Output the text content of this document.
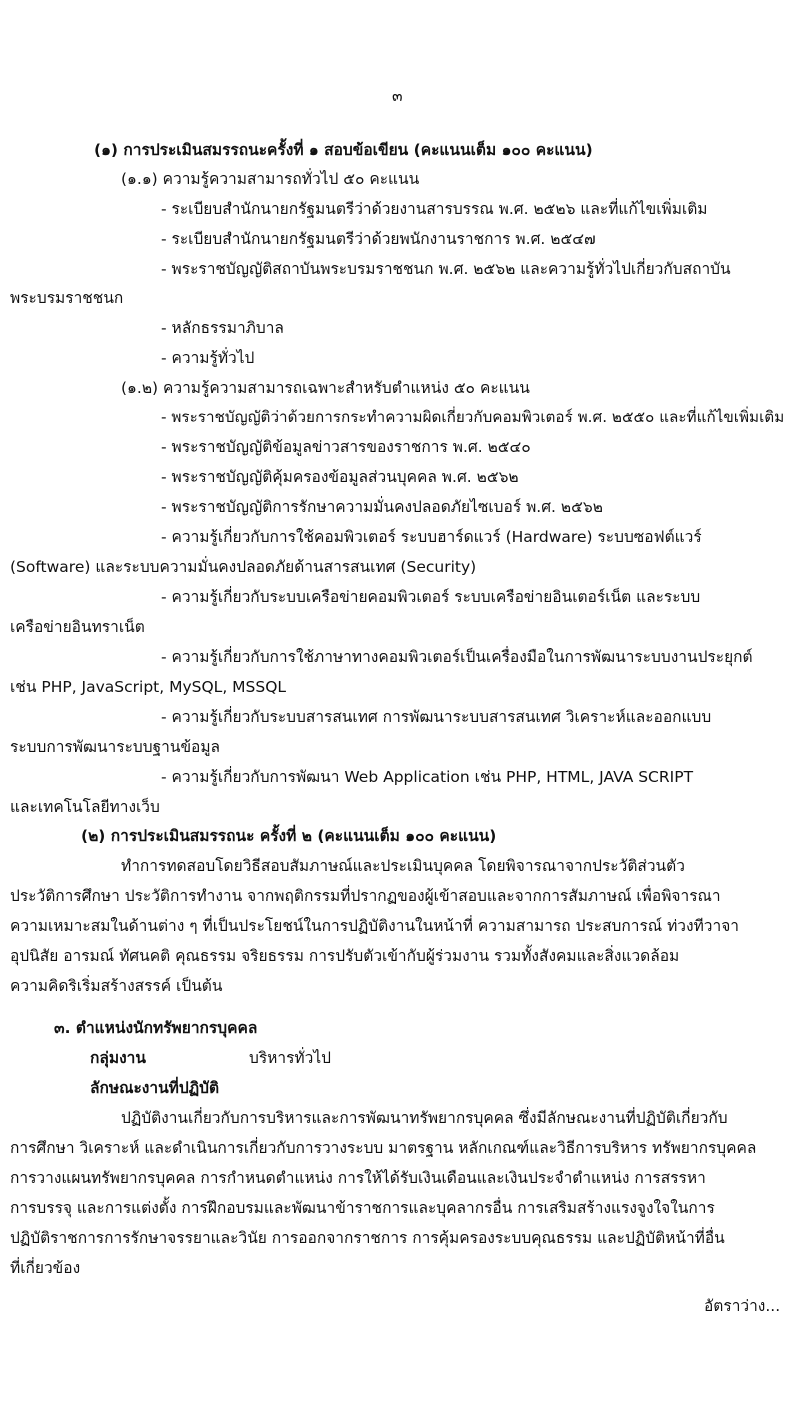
๓
(๑) การประเมินสมรรถนะครั้งที่ ๑ สอบข้อเขียน (คะแนนเต็ม ๑๐๐ คะแนน)
(๑.๑) ความรู้ความสามารถทั่วไป ๕๐ คะแนน
- ระเบียบสำนักนายกรัฐมนตรีว่าด้วยงานสารบรรณ พ.ศ. ๒๕๒๖ และที่แก้ไขเพิ่มเติม
- ระเบียบสำนักนายกรัฐมนตรีว่าด้วยพนักงานราชการ พ.ศ. ๒๕๔๗
- พระราชบัญญัติสถาบันพระบรมราชชนก พ.ศ. ๒๕๖๒ และความรู้ทั่วไปเกี่ยวกับสถาบัน
พระบรมราชชนก
- หลักธรรมาภิบาล
- ความรู้ทั่วไป
(๑.๒) ความรู้ความสามารถเฉพาะสำหรับตำแหน่ง ๕๐ คะแนน
- พระราชบัญญัติว่าด้วยการกระทำความผิดเกี่ยวกับคอมพิวเตอร์ พ.ศ. ๒๕๕๐ และที่แก้ไขเพิ่มเติม
- พระราชบัญญัติข้อมูลข่าวสารของราชการ พ.ศ. ๒๕๔๐
- พระราชบัญญัติคุ้มครองข้อมูลส่วนบุคคล พ.ศ. ๒๕๖๒
- พระราชบัญญัติการรักษาความมั่นคงปลอดภัยไซเบอร์ พ.ศ. ๒๕๖๒
- ความรู้เกี่ยวกับการใช้คอมพิวเตอร์ ระบบฮาร์ดแวร์ (Hardware) ระบบซอฟต์แวร์
(Software) และระบบความมั่นคงปลอดภัยด้านสารสนเทศ (Security)
- ความรู้เกี่ยวกับระบบเครือข่ายคอมพิวเตอร์ ระบบเครือข่ายอินเตอร์เน็ต และระบบ
เครือข่ายอินทราเน็ต
- ความรู้เกี่ยวกับการใช้ภาษาทางคอมพิวเตอร์เป็นเครื่องมือในการพัฒนาระบบงานประยุกต์
เช่น PHP, JavaScript, MySQL, MSSQL
- ความรู้เกี่ยวกับระบบสารสนเทศ การพัฒนาระบบสารสนเทศ วิเคราะห์และออกแบบ
ระบบการพัฒนาระบบฐานข้อมูล
- ความรู้เกี่ยวกับการพัฒนา Web Application เช่น PHP, HTML, JAVA SCRIPT
และเทคโนโลยีทางเว็บ
(๒) การประเมินสมรรถนะ ครั้งที่ ๒ (คะแนนเต็ม ๑๐๐ คะแนน)
ทำการทดสอบโดยวิธีสอบสัมภาษณ์และประเมินบุคคล โดยพิจารณาจากประวัติส่วนตัว
ประวัติการศึกษา ประวัติการทำงาน จากพฤติกรรมที่ปรากฏของผู้เข้าสอบและจากการสัมภาษณ์ เพื่อพิจารณา
ความเหมาะสมในด้านต่าง ๆ ที่เป็นประโยชน์ในการปฏิบัติงานในหน้าที่ ความสามารถ ประสบการณ์ ท่วงทีวาจา
อุปนิสัย อารมณ์ ทัศนคติ คุณธรรม จริยธรรม การปรับตัวเข้ากับผู้ร่วมงาน รวมทั้งสังคมและสิ่งแวดล้อม
ความคิดริเริ่มสร้างสรรค์ เป็นต้น
๓. ตำแหน่งนักทรัพยากรบุคคล
กลุ่มงาน	บริหารทั่วไป
ลักษณะงานที่ปฏิบัติ
ปฏิบัติงานเกี่ยวกับการบริหารและการพัฒนาทรัพยากรบุคคล ซึ่งมีลักษณะงานที่ปฏิบัติเกี่ยวกับ
การศึกษา วิเคราะห์ และดำเนินการเกี่ยวกับการวางระบบ มาตรฐาน หลักเกณฑ์และวิธีการบริหาร ทรัพยากรบุคคล
การวางแผนทรัพยากรบุคคล การกำหนดตำแหน่ง การให้ได้รับเงินเดือนและเงินประจำตำแหน่ง การสรรหา
การบรรจุ และการแต่งตั้ง การฝึกอบรมและพัฒนาข้าราชการและบุคลากรอื่น การเสริมสร้างแรงจูงใจในการ
ปฏิบัติราชการการรักษาจรรยาและวินัย การออกจากราชการ การคุ้มครองระบบคุณธรรม และปฏิบัติหน้าที่อื่น
ที่เกี่ยวข้อง
อัตราว่าง...
